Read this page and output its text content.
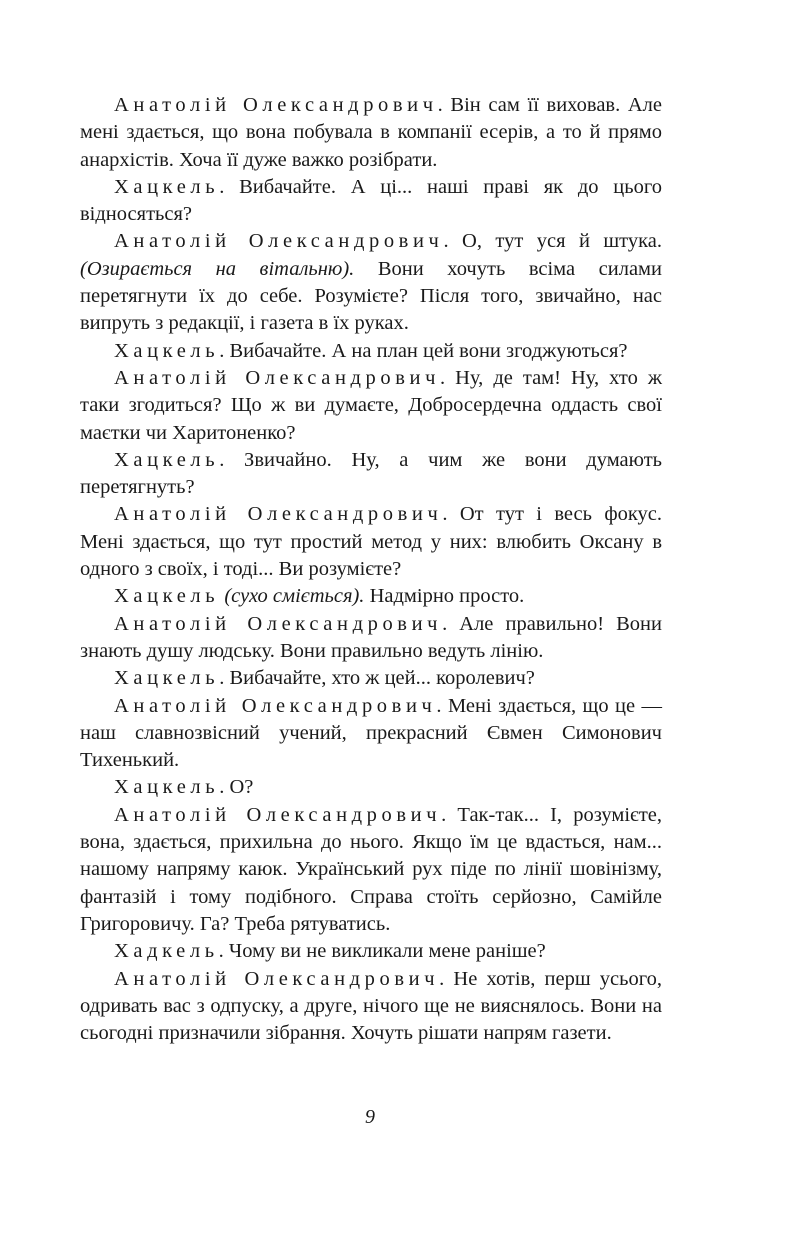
Анатолій Олександрович. Він сам її виховав. Але мені здається, що вона побувала в компанії есерів, а то й прямо анархістів. Хоча її дуже важко розібрати.

Хацкель. Вибачайте. А ці... наші праві як до цього відносяться?

Анатолій Олександрович. О, тут уся й штука. (Озирається на вітальню). Вони хочуть всіма силами перетягнути їх до себе. Розумієте? Після того, звичайно, нас випруть з редакції, і газета в їх руках.

Хацкель. Вибачайте. А на план цей вони згоджуються?

Анатолій Олександрович. Ну, де там! Ну, хто ж таки згодиться? Що ж ви думаєте, Добросердечна оддасть свої маєтки чи Харитоненко?

Хацкель. Звичайно. Ну, а чим же вони думають перетягнуть?

Анатолій Олександрович. От тут і весь фокус. Мені здається, що тут простий метод у них: влюбить Оксану в одного з своїх, і тоді... Ви розумієте?

Хацкель (сухо сміється). Надмірно просто.

Анатолій Олександрович. Але правильно! Вони знають душу людську. Вони правильно ведуть лінію.

Хацкель. Вибачайте, хто ж цей... королевич?

Анатолій Олександрович. Мені здається, що це — наш славнозвісний учений, прекрасний Євмен Симонович Тихенький.

Хацкель. О?

Анатолій Олександрович. Так-так... І, розумієте, вона, здається, прихильна до нього. Якщо їм це вдасться, нам... нашому напряму каюк. Український рух піде по лінії шовінізму, фантазій і тому подібного. Справа стоїть серйозно, Самійле Григоровичу. Га? Треба рятуватись.

Хадкель. Чому ви не викликали мене раніше?

Анатолій Олександрович. Не хотів, перш усього, одривать вас з одпуску, а друге, нічого ще не вияснялось. Вони на сьогодні призначили зібрання. Хочуть рішати напрям газети.

9
